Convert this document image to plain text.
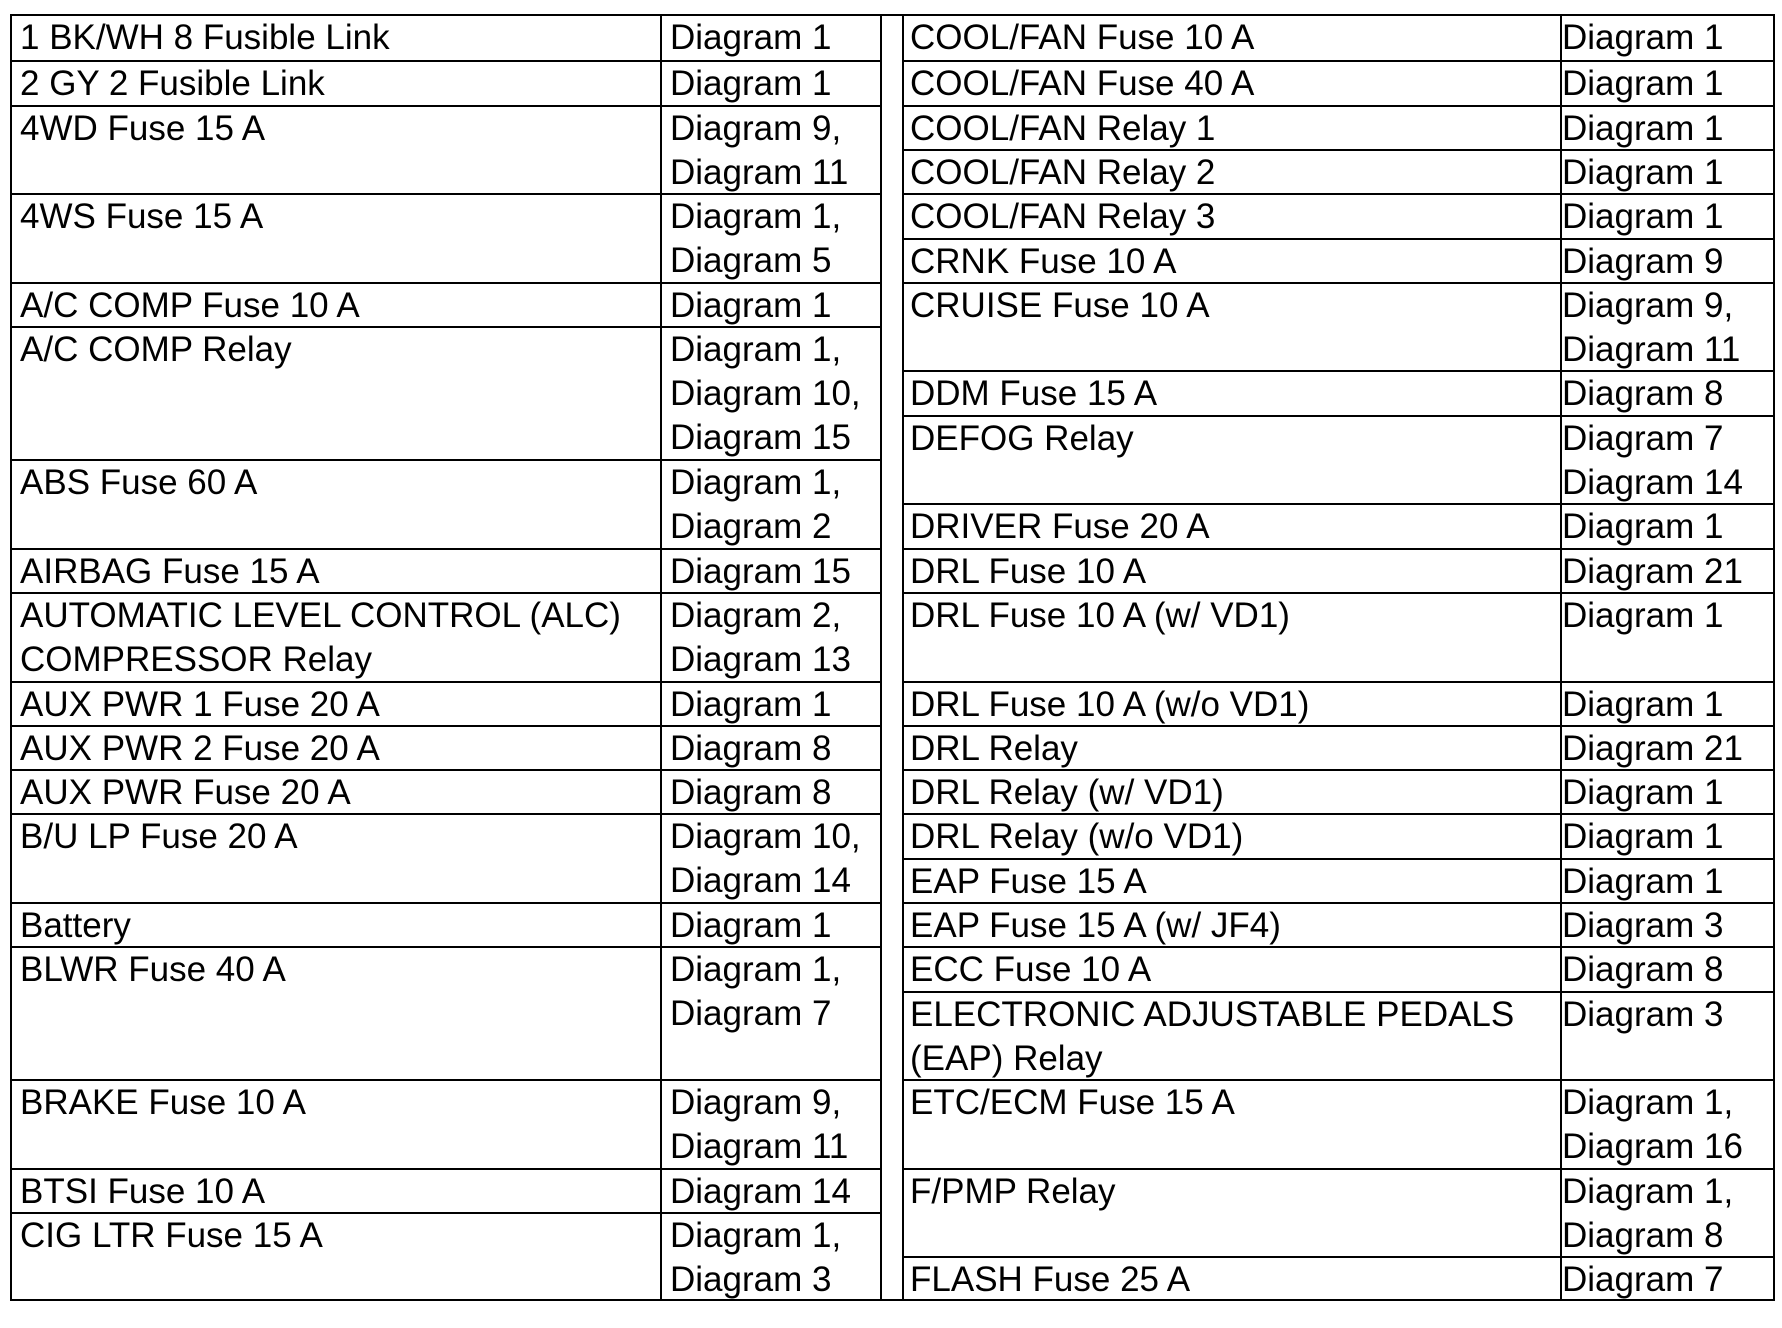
1 BK/WH 8 Fusible Link	Diagram 1
2 GY 2 Fusible Link	Diagram 1
4WD Fuse 15 A	Diagram 9,
Diagram 11
4WS Fuse 15 A	Diagram 1,
Diagram 5
A/C COMP Fuse 10 A	Diagram 1
A/C COMP Relay	Diagram 1,
Diagram 10,
Diagram 15
ABS Fuse 60 A	Diagram 1,
Diagram 2
AIRBAG Fuse 15 A	Diagram 15
AUTOMATIC LEVEL CONTROL (ALC)
COMPRESSOR Relay
Diagram 2,
Diagram 13
AUX PWR 1 Fuse 20 A	Diagram 1
AUX PWR 2 Fuse 20 A	Diagram 8
AUX PWR Fuse 20 A	Diagram 8
B/U LP Fuse 20 A	Diagram 10,
Diagram 14
Battery	Diagram 1
BLWR Fuse 40 A	Diagram 1,
Diagram 7
BRAKE Fuse 10 A	Diagram 9,
Diagram 11
BTSI Fuse 10 A	Diagram 14
CIG LTR Fuse 15 A	Diagram 1,
Diagram 3
COOL/FAN Fuse 10 A	Diagram 1
COOL/FAN Fuse 40 A	Diagram 1
COOL/FAN Relay 1	Diagram 1
COOL/FAN Relay 2	Diagram 1
COOL/FAN Relay 3	Diagram 1
CRNK Fuse 10 A	Diagram 9
CRUISE Fuse 10 A	Diagram 9,
Diagram 11
DDM Fuse 15 A	Diagram 8
DEFOG Relay	Diagram 7
Diagram 14
DRIVER Fuse 20 A	Diagram 1
DRL Fuse 10 A	Diagram 21
DRL Fuse 10 A (w/ VD1)	Diagram 1
DRL Fuse 10 A (w/o VD1)	Diagram 1
DRL Relay	Diagram 21
DRL Relay (w/ VD1)	Diagram 1
DRL Relay (w/o VD1)	Diagram 1
EAP Fuse 15 A	Diagram 1
EAP Fuse 15 A (w/ JF4)	Diagram 3
ECC Fuse 10 A	Diagram 8
ELECTRONIC ADJUSTABLE PEDALS
(EAP) Relay
Diagram 3
ETC/ECM Fuse 15 A	Diagram 1,
Diagram 16
F/PMP Relay	Diagram 1,
Diagram 8
FLASH Fuse 25 A	Diagram 7
